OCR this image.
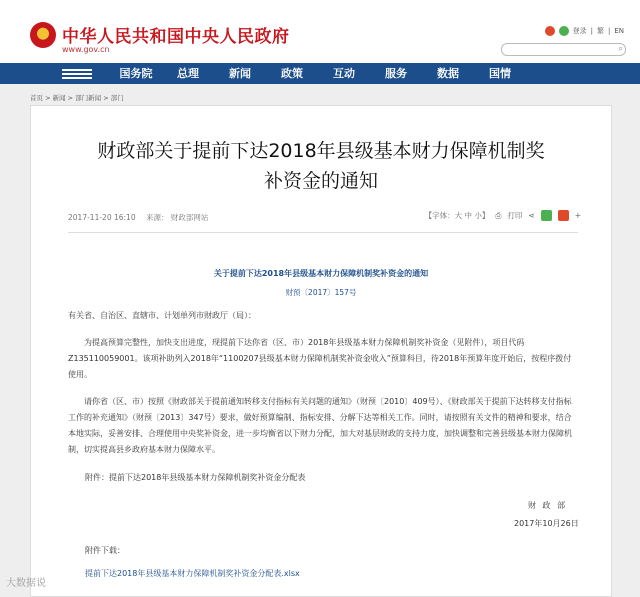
★
中华人民共和国中央人民政府
www.gov.cn
登录 | 繁 | EN
⌕
国务院	总理	新闻	政策	互动	服务	数据	国情
首页 > 新闻 > 部门新闻 > 部门
财政部关于提前下达2018年县级基本财力保障机制奖
补资金的通知
2017-11-20 16:10 来源： 财政部网站	【字体：大 中 小】 ⎙ 打印 ⋖	+
关于提前下达2018年县级基本财力保障机制奖补资金的通知
财预〔2017〕157号
有关省、自治区、直辖市、计划单列市财政厅（局）：
为提高预算完整性，加快支出进度，现提前下达你省（区、市）2018年县级基本财力保障机制奖补资金（见附件），项目代码Z135110059001。该项补助列入2018年“1100207县级基本财力保障机制奖补资金收入”预算科目，待2018年预算年度开始后，按程序拨付使用。
请你省（区、市）按照《财政部关于提前通知转移支付指标有关问题的通知》（财预〔2010〕409号）、《财政部关于提前下达转移支付指标工作的补充通知》（财预〔2013〕347号）要求，做好预算编制、指标安排、分解下达等相关工作。同时，请按照有关文件的精神和要求，结合本地实际，妥善安排、合理使用中央奖补资金，进一步均衡省以下财力分配，加大对基层财政的支持力度，加快调整和完善县级基本财力保障机制，切实提高县乡政府基本财力保障水平。
附件：提前下达2018年县级基本财力保障机制奖补资金分配表
财 政 部
2017年10月26日
附件下载：
提前下达2018年县级基本财力保障机制奖补资金分配表.xlsx
大数据说
